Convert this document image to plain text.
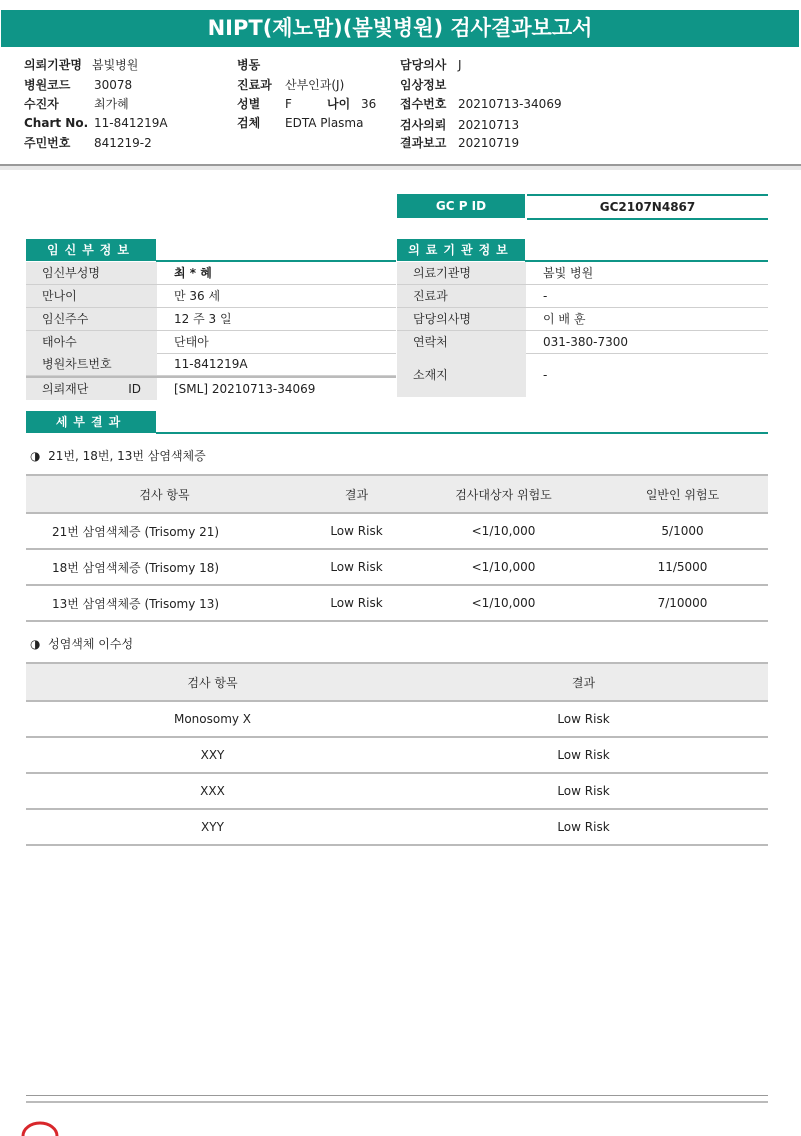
NIPT(제노맘)(봄빛병원) 검사결과보고서
의뢰기관명 봄빛병원
병원코드 30078
수진자	최가혜
Chart No. 11-841219A
주민번호 841219-2
병동
진료과 산부인과(J)
성별 F	나이 36
검체 EDTA Plasma
담당의사 J
임상정보
접수번호 20210713-34069
검사의뢰 20210713
결과보고 20210719
GC P ID	GC2107N4867
임신부정보
임신부성명	최 * 혜
만나이	만 36 세
임신주수	12 주 3 일
태아수	단태아
병원차트번호	11-841219A
의뢰재단 ID	[SML] 20210713-34069
의료기관정보
의료기관명	봄빛 병원
진료과	-
담당의사명	이 배 훈
연락처	031-380-7300
소재지	-
세부결과
◑ 21번, 18번, 13번 삼염색체증
검사 항목	결과	검사대상자 위험도	일반인 위험도
21번 삼염색체증 (Trisomy 21)	Low Risk	<1/10,000	5/1000
18번 삼염색체증 (Trisomy 18)	Low Risk	<1/10,000	11/5000
13번 삼염색체증 (Trisomy 13)	Low Risk	<1/10,000	7/10000
◑ 성염색체 이수성
검사 항목	결과
Monosomy X	Low Risk
XXY	Low Risk
XXX	Low Risk
XYY	Low Risk
